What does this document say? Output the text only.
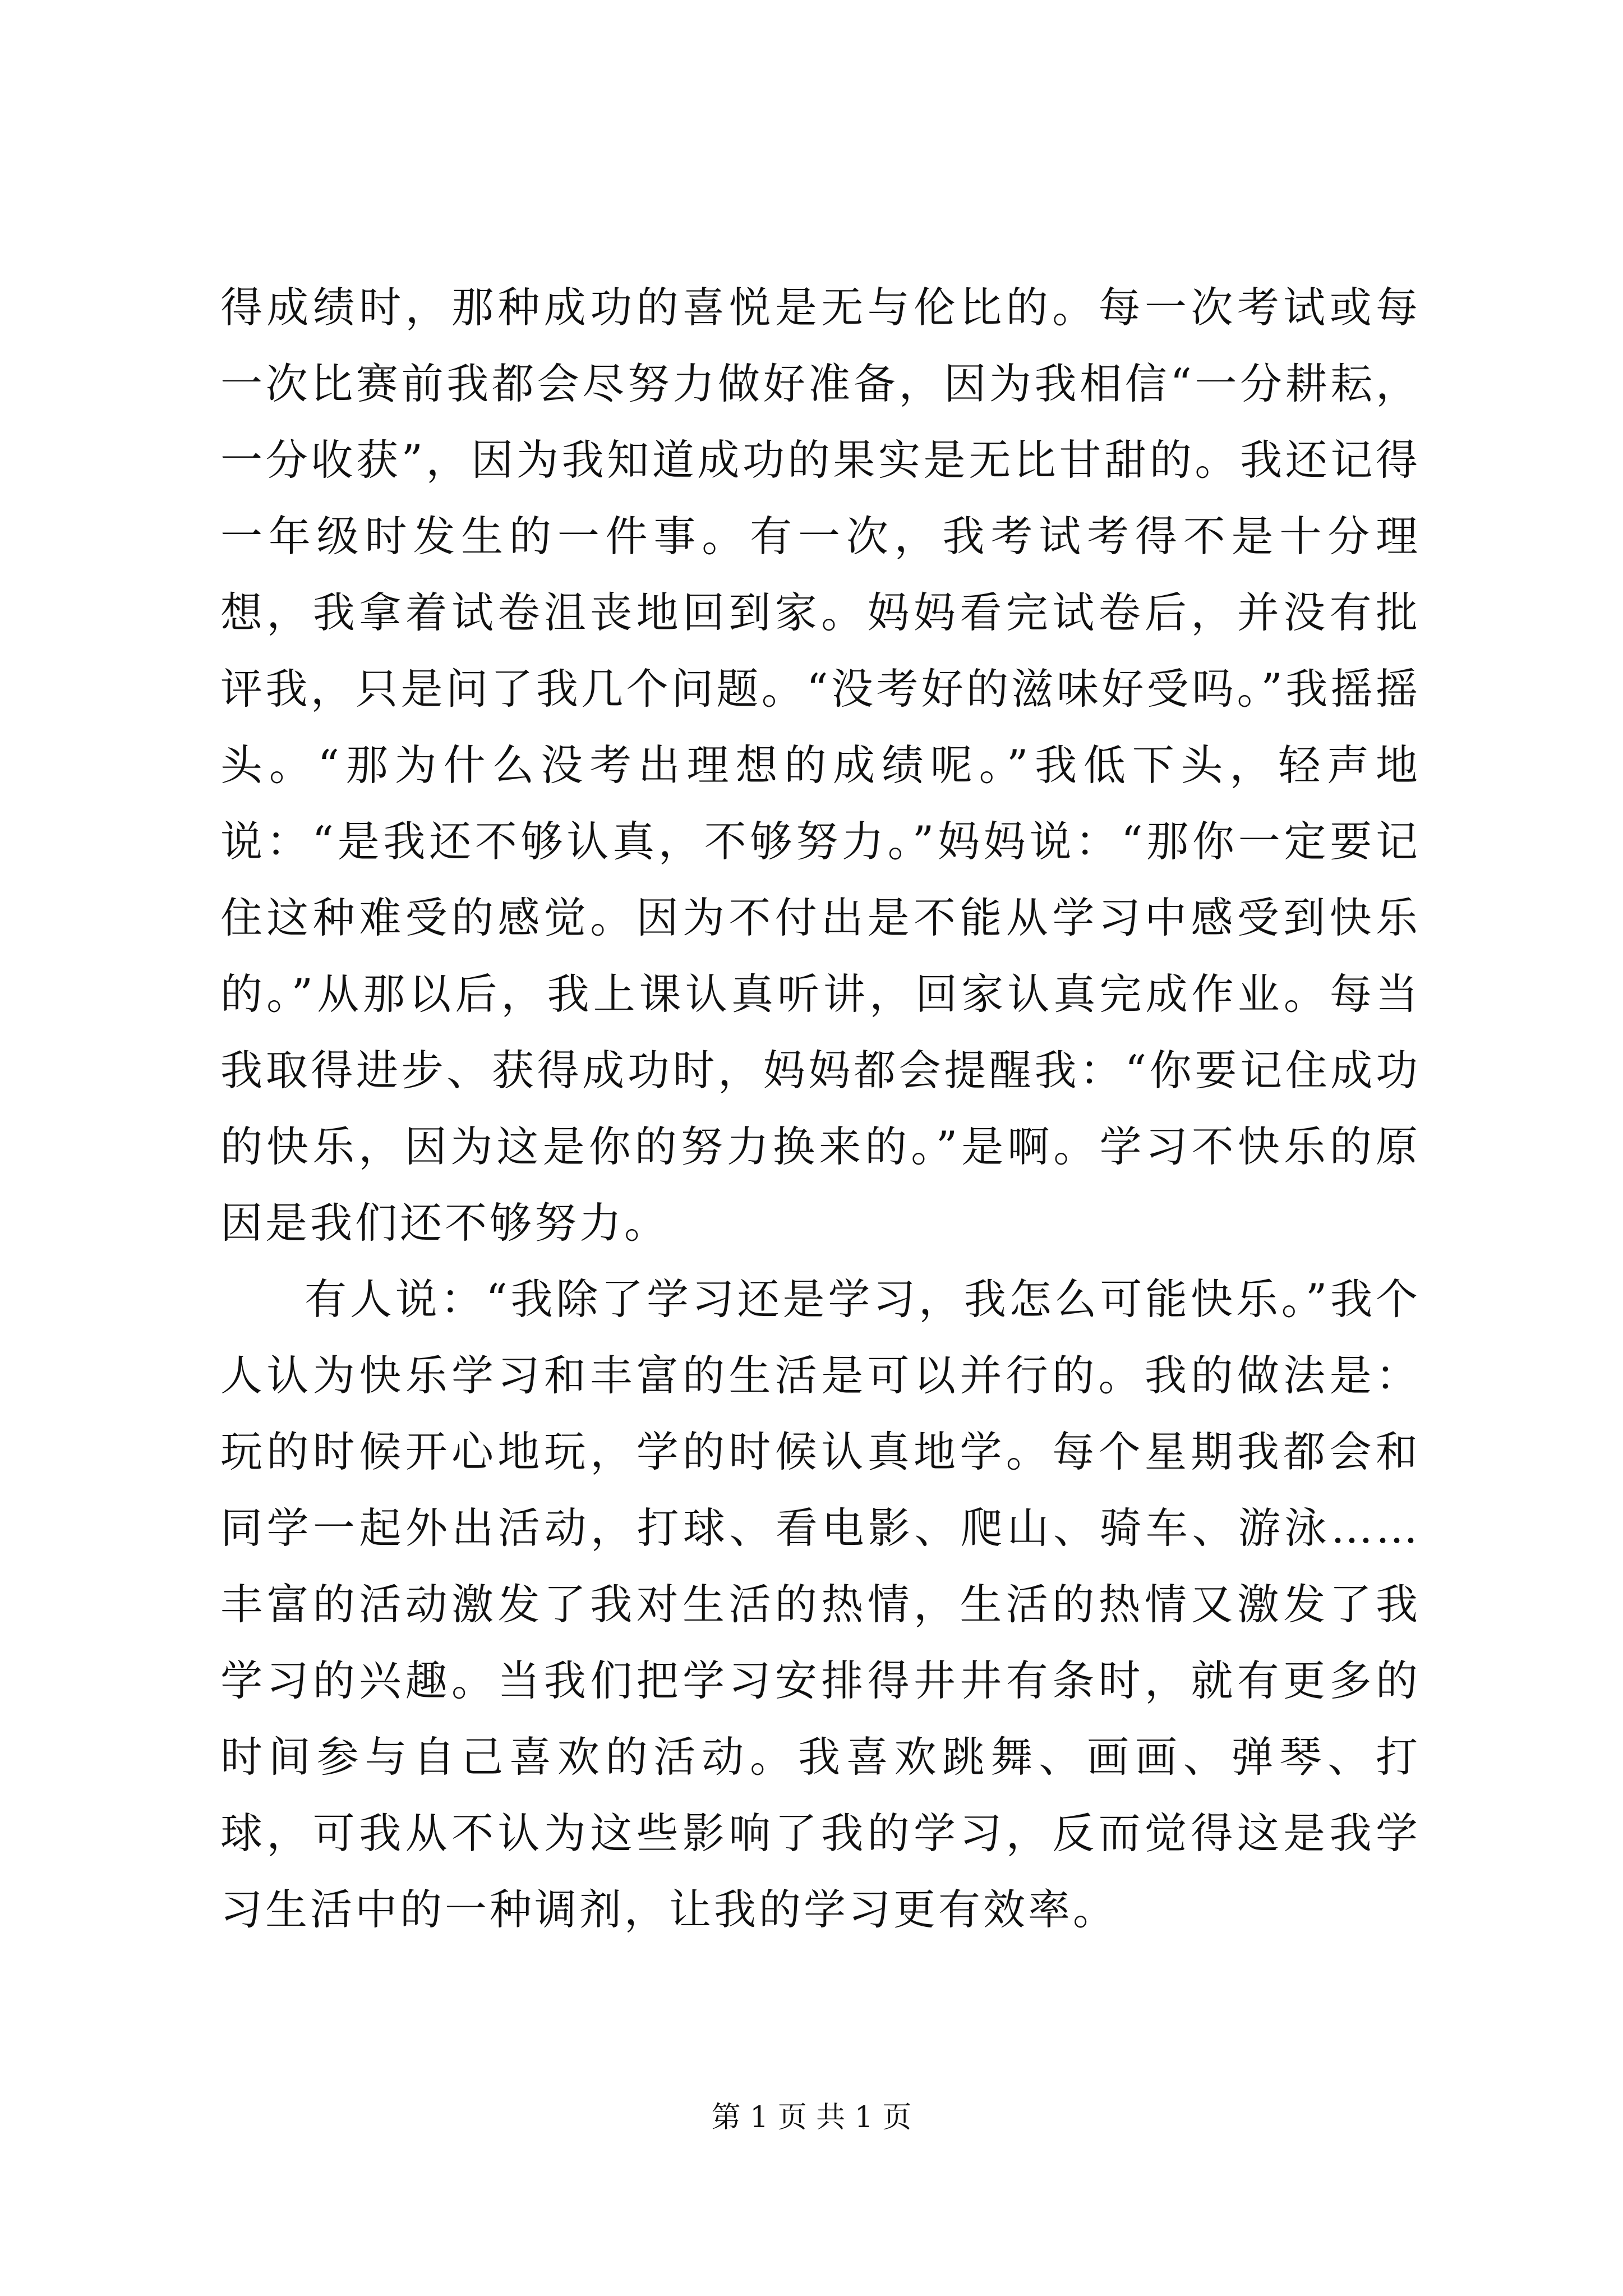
得成绩时，那种成功的喜悦是无与伦比的。每一次考试或每一次比赛前我都会尽努力做好准备，因为我相信“一分耕耘，一分收获”，因为我知道成功的果实是无比甘甜的。我还记得一年级时发生的一件事。有一次，我考试考得不是十分理想，我拿着试卷沮丧地回到家。妈妈看完试卷后，并没有批评我，只是问了我几个问题。“没考好的滋味好受吗。”我摇摇头。“那为什么没考出理想的成绩呢。”我低下头，轻声地说：“是我还不够认真，不够努力。”妈妈说：“那你一定要记住这种难受的感觉。因为不付出是不能从学习中感受到快乐的。”从那以后，我上课认真听讲，回家认真完成作业。每当我取得进步、获得成功时，妈妈都会提醒我：“你要记住成功的快乐，因为这是你的努力换来的。”是啊。学习不快乐的原因是我们还不够努力。

有人说：“我除了学习还是学习，我怎么可能快乐。”我个人认为快乐学习和丰富的生活是可以并行的。我的做法是：玩的时候开心地玩，学的时候认真地学。每个星期我都会和同学一起外出活动，打球、看电影、爬山、骑车、游泳……丰富的活动激发了我对生活的热情，生活的热情又激发了我学习的兴趣。当我们把学习安排得井井有条时，就有更多的时间参与自己喜欢的活动。我喜欢跳舞、画画、弹琴、打球，可我从不认为这些影响了我的学习，反而觉得这是我学习生活中的一种调剂，让我的学习更有效率。

第 1 页 共 1 页
